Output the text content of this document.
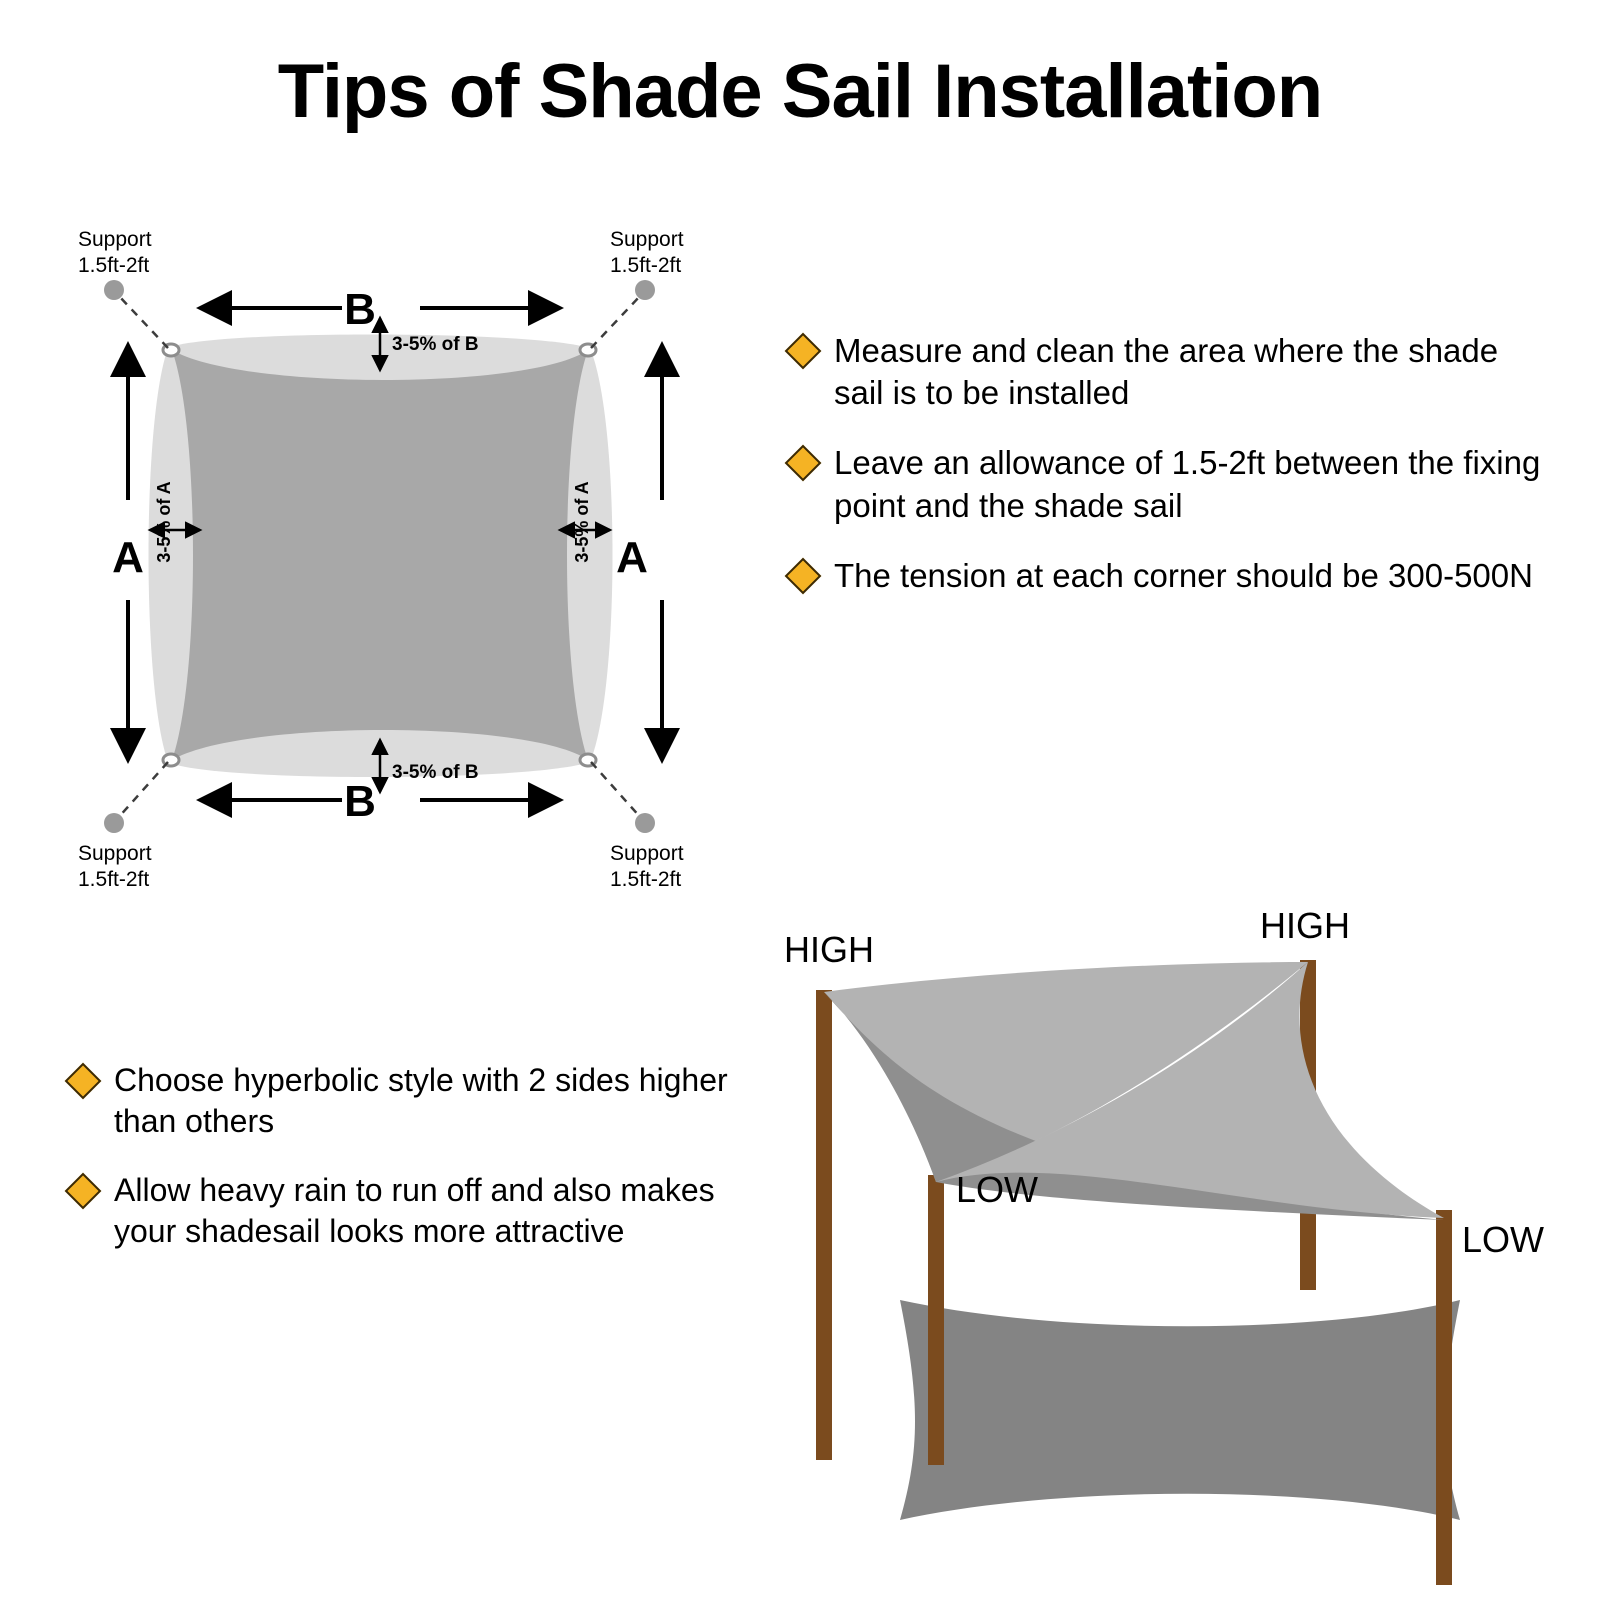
Tips of Shade Sail Installation
Support
1.5ft-2ft
Support
1.5ft-2ft
Support
1.5ft-2ft
Support
1.5ft-2ft
B
3-5% of B
B
3-5% of B
A 3-5% of A	A
3-5% of A
Measure and clean the area where the shade sail is to be installed
Leave an allowance of 1.5-2ft between the fixing point and the shade sail
The tension at each corner should be 300-500N
Choose hyperbolic style with 2 sides higher than others
Allow heavy rain to run off and also makes your shadesail looks more attractive
HIGH
HIGH
LOW
LOW
